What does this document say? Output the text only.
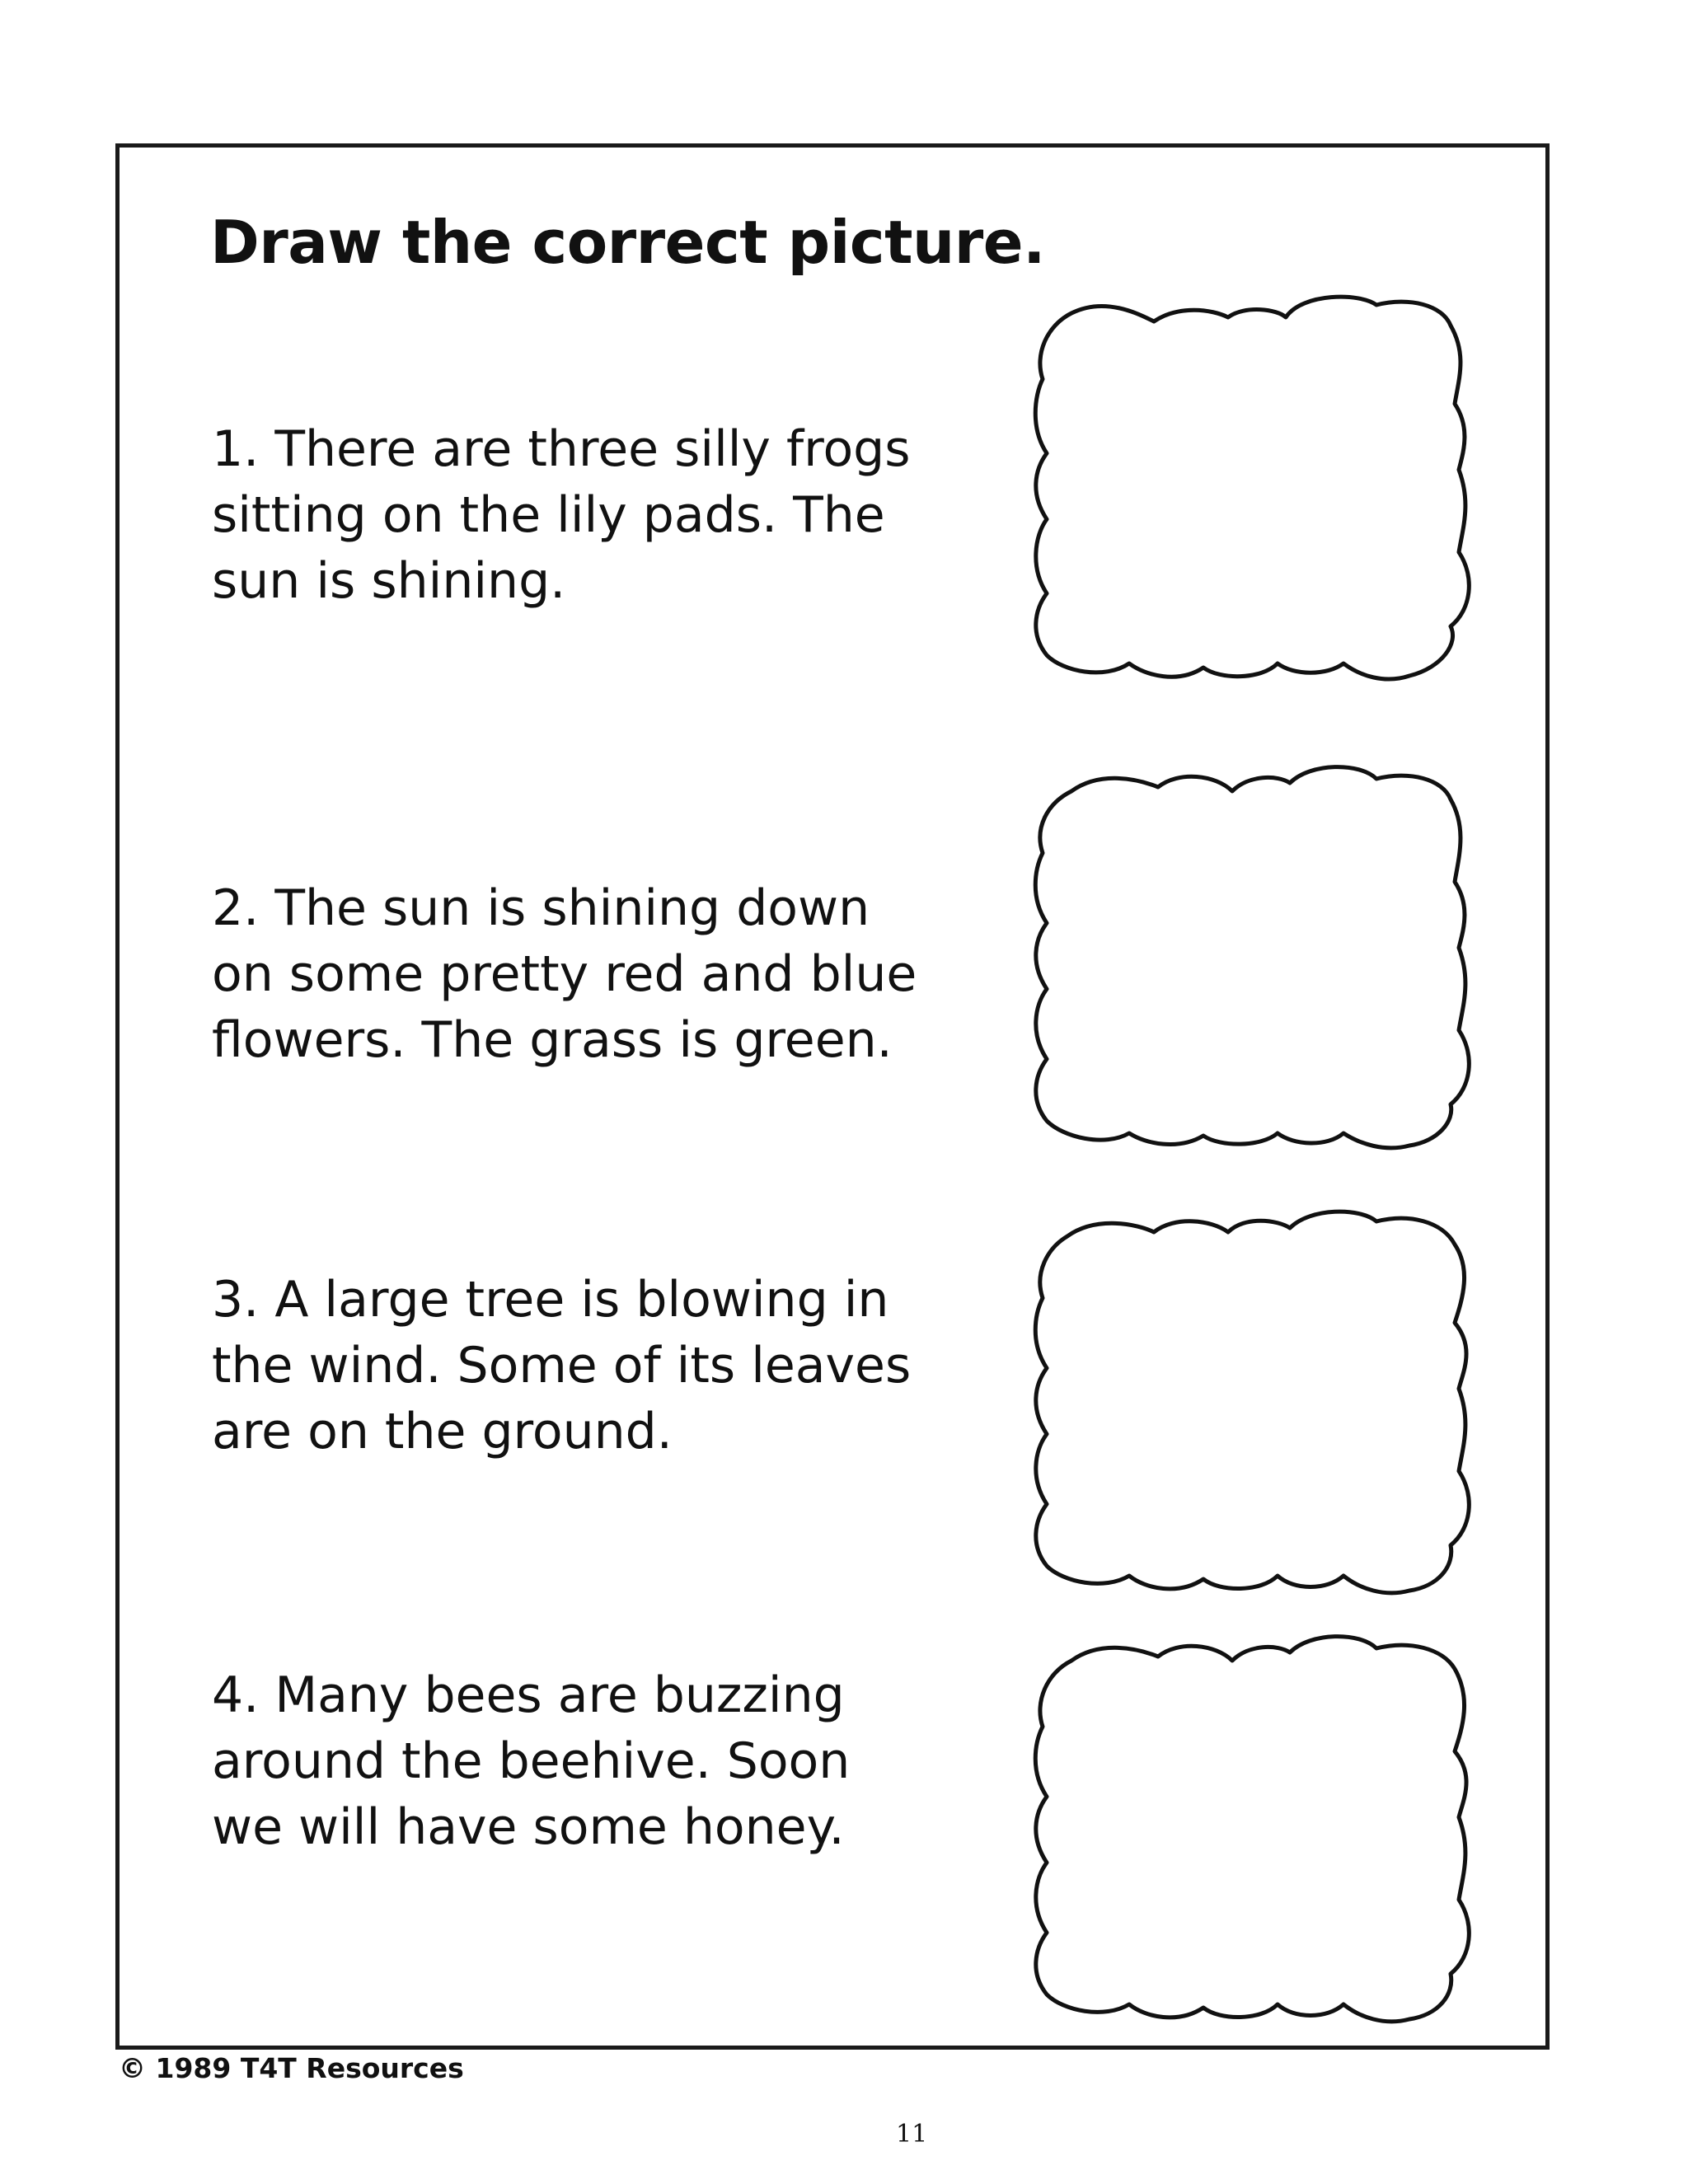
Draw the correct picture.
1. There are three silly frogs
sitting on the lily pads. The
sun is shining.
2. The sun is shining down
on some pretty red and blue
flowers. The grass is green.
3. A large tree is blowing in
the wind. Some of its leaves
are on the ground.
4. Many bees are buzzing
around the beehive. Soon
we will have some honey.
© 1989 T4T Resources
11
